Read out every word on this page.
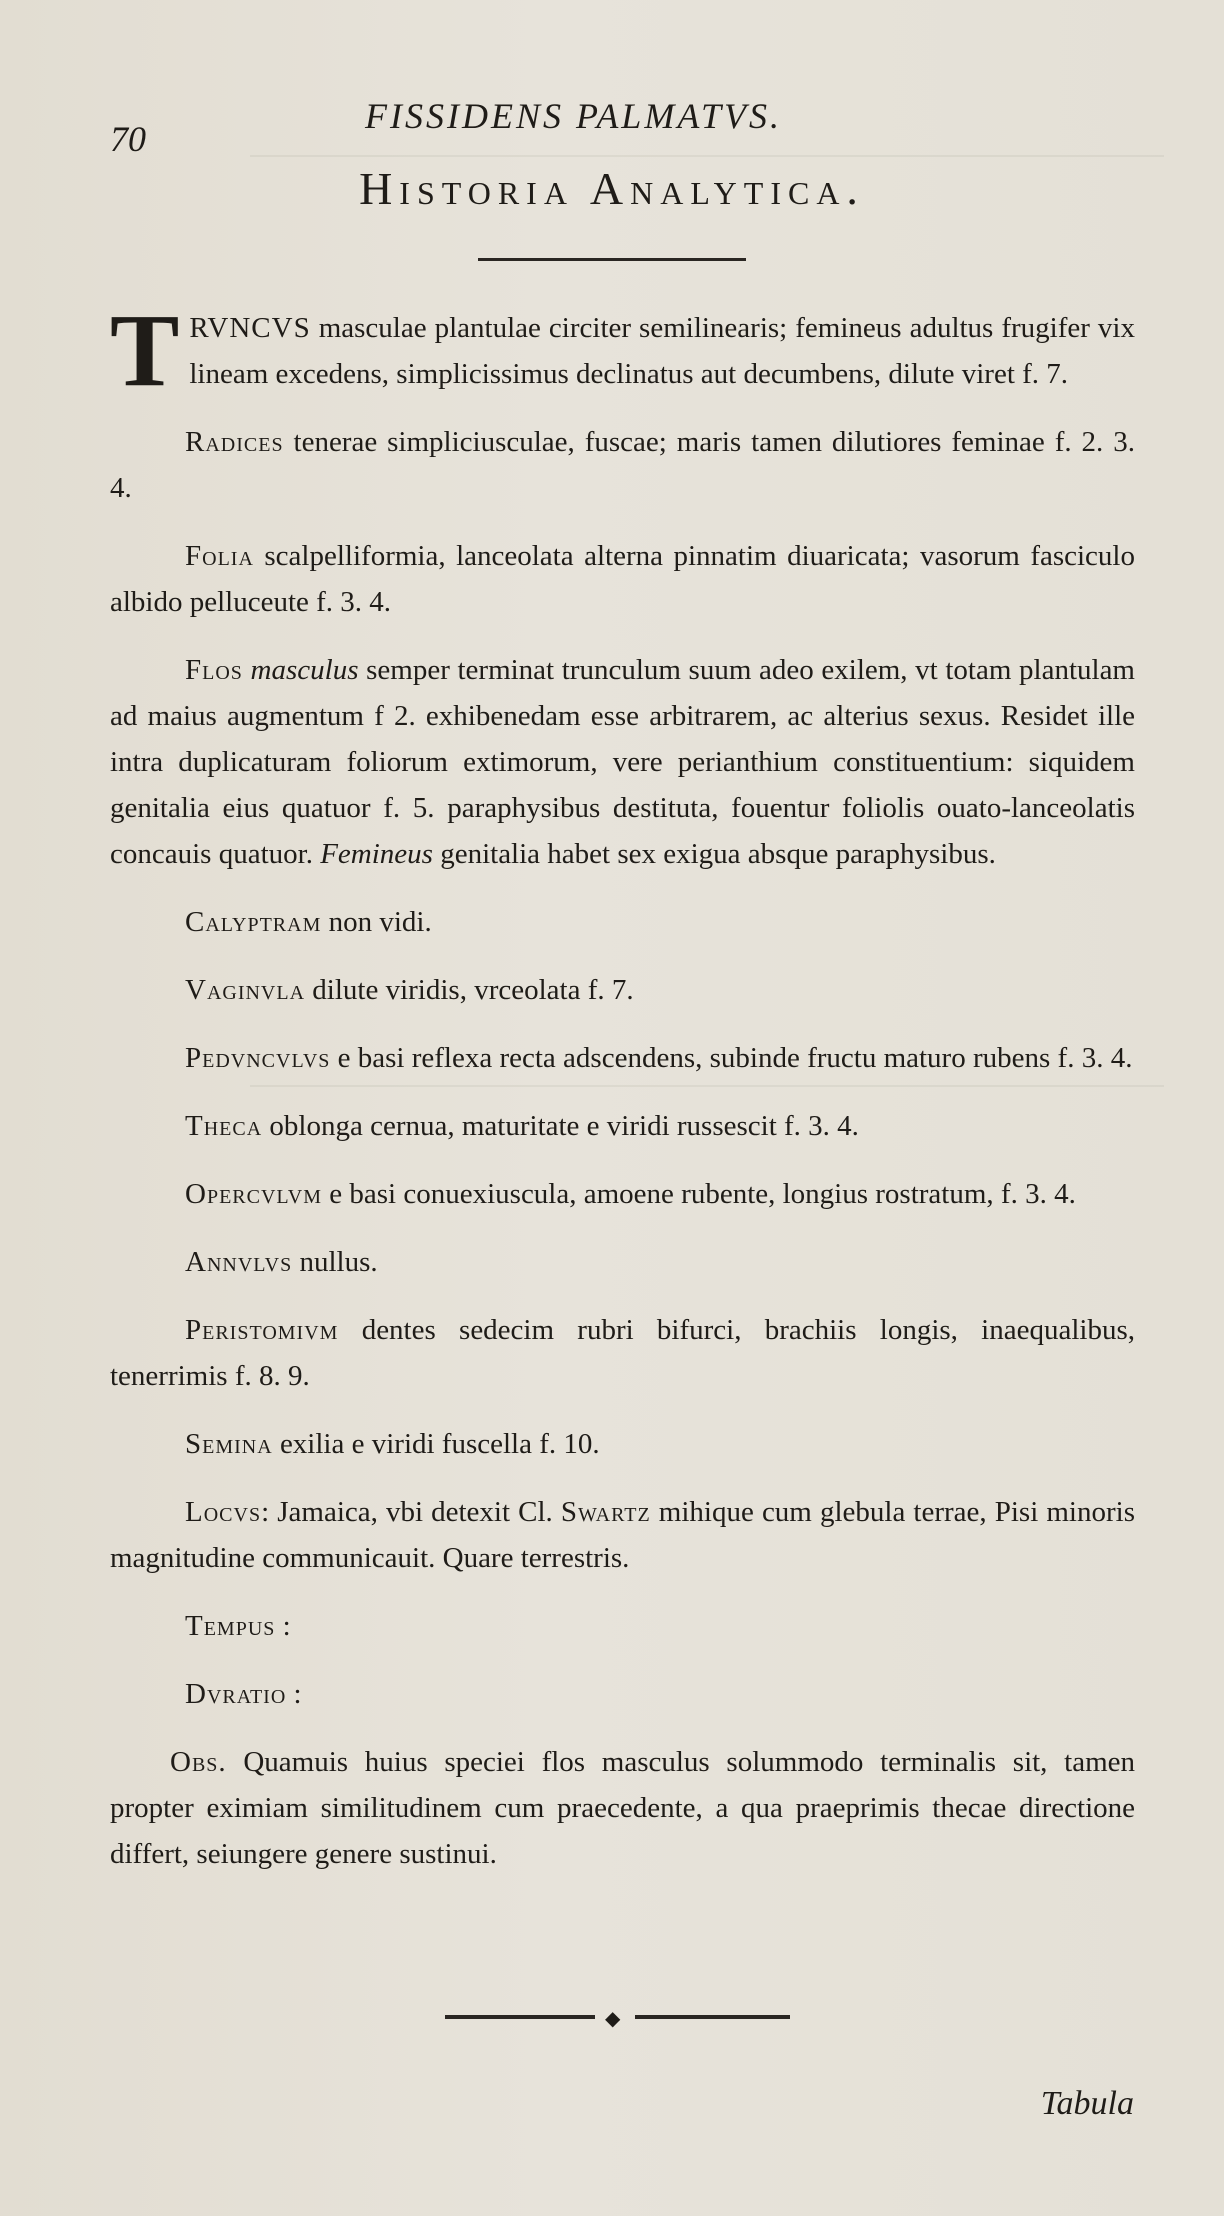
70
FISSIDENS PALMATVS.
Historia Analytica.

TRVNCVS masculae plantulae circiter semilinearis; femineus adultus frugifer vix lineam excedens, simplicissimus declinatus aut decumbens, dilute viret f. 7.

Radices tenerae simpliciusculae, fuscae; maris tamen dilutiores feminae f. 2. 3. 4.

Folia scalpelliformia, lanceolata alterna pinnatim diuaricata; vasorum fasciculo albido pelluceute f. 3. 4.

Flos masculus semper terminat trunculum suum adeo exilem, vt totam plantulam ad maius augmentum f 2. exhibenedam esse arbitrarem, ac alterius sexus. Residet ille intra duplicaturam foliorum extimorum, vere perianthium constituentium: siquidem genitalia eius quatuor f. 5. paraphysibus destituta, fouentur foliolis ouato-lanceolatis concauis quatuor. Femineus genitalia habet sex exigua absque paraphysibus.

Calyptram non vidi.

Vaginvla dilute viridis, vrceolata f. 7.

Pedvncvlvs e basi reflexa recta adscendens, subinde fructu maturo rubens f. 3. 4.

Theca oblonga cernua, maturitate e viridi russescit f. 3. 4.

Opercvlvm e basi conuexiuscula, amoene rubente, longius rostratum, f. 3. 4.

Annvlvs nullus.

Peristomivm dentes sedecim rubri bifurci, brachiis longis, inaequalibus, tenerrimis f. 8. 9.

Semina exilia e viridi fuscella f. 10.

Locvs: Jamaica, vbi detexit Cl. Swartz mihique cum glebula terrae, Pisi minoris magnitudine communicauit. Quare terrestris.

Tempus :

Dvratio :

Obs. Quamuis huius speciei flos masculus solummodo terminalis sit, tamen propter eximiam similitudinem cum praecedente, a qua praeprimis thecae directione differt, seiungere genere sustinui.

◆
Tabula
